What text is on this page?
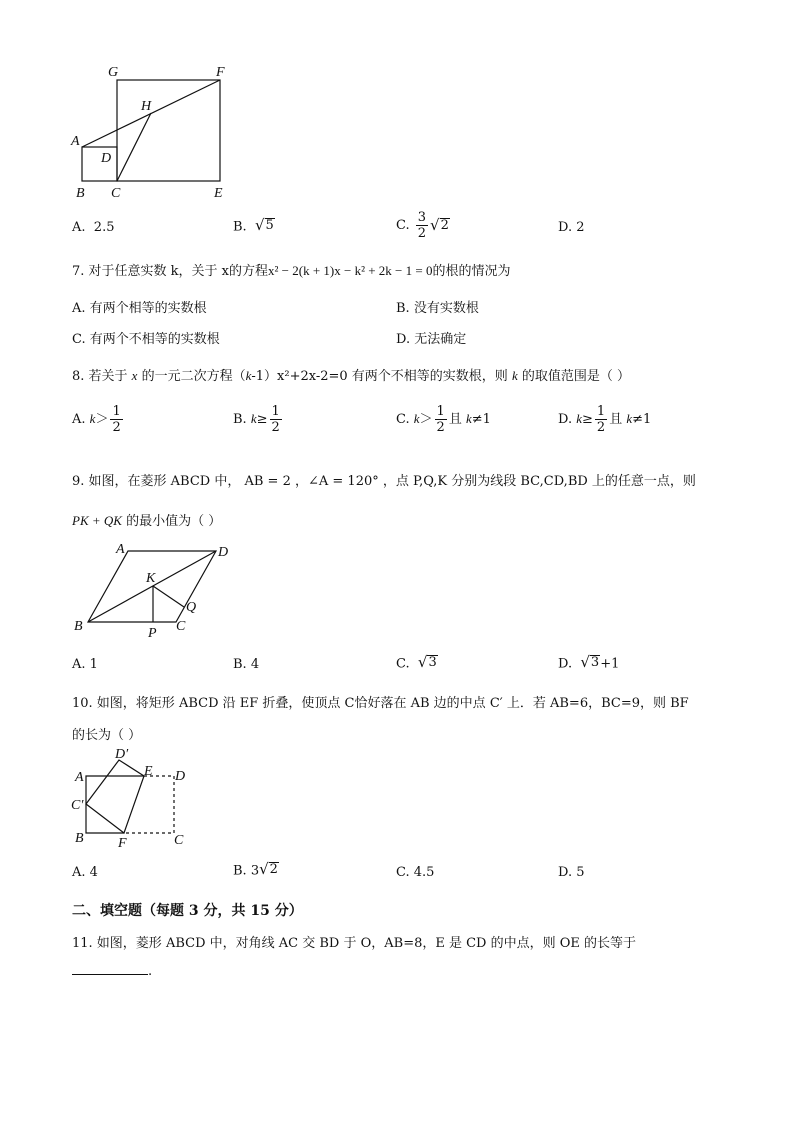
G	F
H
A
D
B C	E
A. 2.5	B. √ 5	C. $\frac{3}{2}$ √ 2	D. 2
7. 对于任意实数 k，关于 x的方程x² − 2(k + 1)x − k² + 2k − 1 = 0的根的情况为
A. 有两个相等的实数根	B. 没有实数根
C. 有两个不相等的实数根	D. 无法确定
8. 若关于 x 的一元二次方程（k-1）x²+2x-2=0 有两个不相等的实数根，则 k 的取值范围是（ ）
A. $k> \frac{1}{2}$	B. $k\ge \frac{1}{2}$	C. $k> \frac{1}{2}$ 且 k≠1	D. $k\ge \frac{1}{2}$ 且 k≠1
9. 如图，在菱形 ABCD 中， AB = 2 ，∠A = 120° ，点 P,Q,K 分别为线段 BC,CD,BD 上的任意一点，则
PK + QK 的最小值为（ ）
A	D
K
Q
B	P C
A. 1	B. 4	C. √ 3	D. √ 3 +1
10. 如图，将矩形 ABCD 沿 EF 折叠，使顶点 C恰好落在 AB 边的中点 C′ 上．若 AB=6，BC=9，则 BF
的长为（ ）
D′
A	E D
C′
B F	C
A. 4	B. 3 √ 2	C. 4.5	D. 5
二、填空题（每题 3 分，共 15 分）
11. 如图，菱形 ABCD 中，对角线 AC 交 BD 于 O，AB=8，E 是 CD 的中点，则 OE 的长等于
.
